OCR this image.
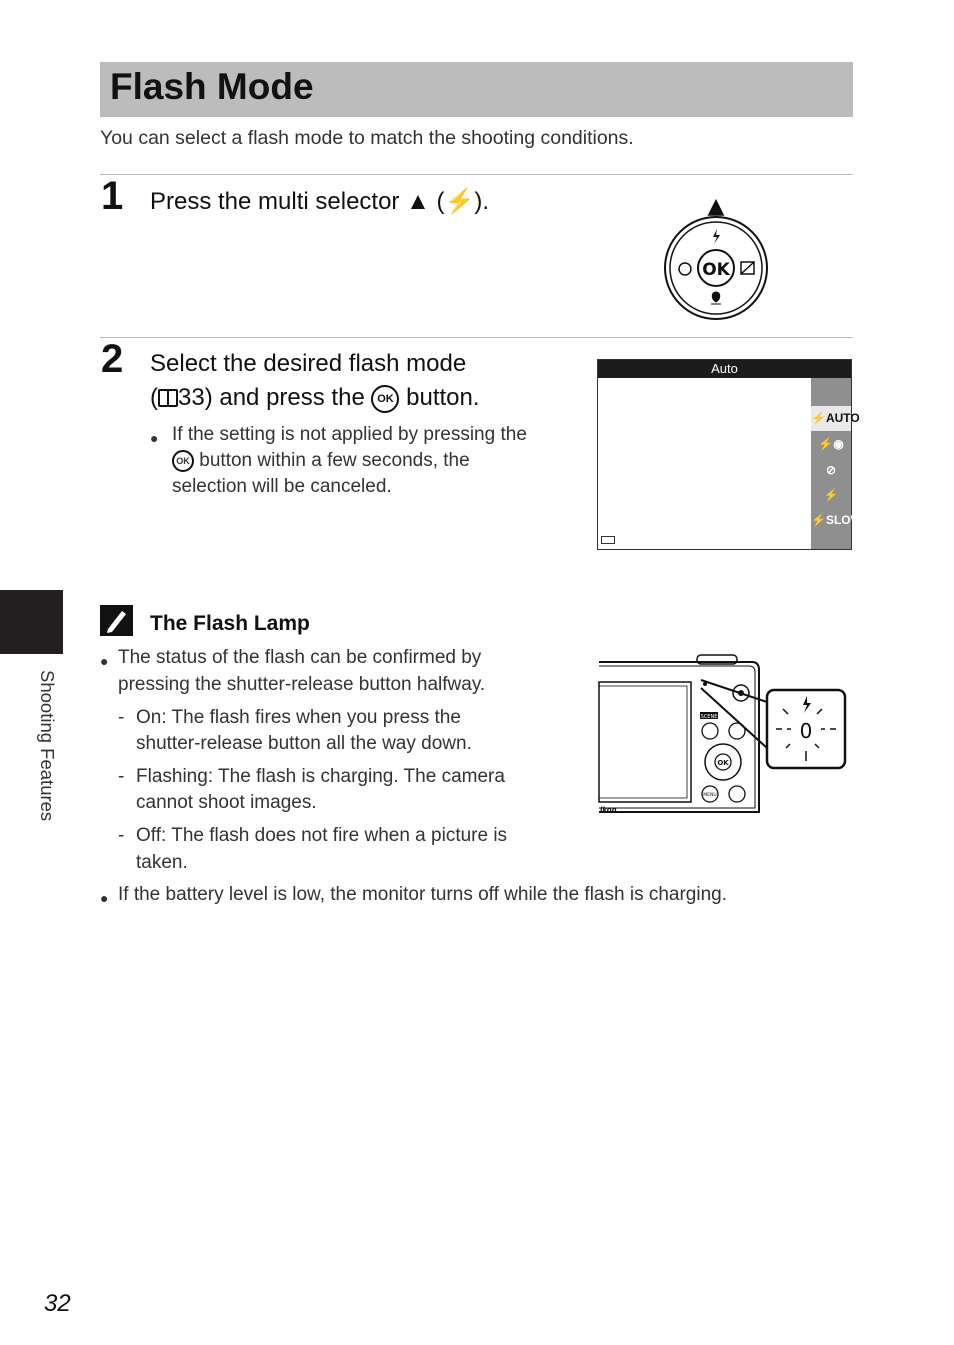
Flash Mode
You can select a flash mode to match the shooting conditions.
1 Press the multi selector ▲ (⚡).	▲
OK
2 Select the desired flash mode
( 33) and press the OK button.
● If the setting is not applied by pressing the
OK button within a few seconds, the
selection will be canceled.
Auto
⚡AUTO
⚡◉
⊘
⚡
⚡SLOW
Shooting Features
The Flash Lamp
● The status of the flash can be confirmed by
pressing the shutter-release button halfway.
- On: The flash fires when you press the
shutter-release button all the way down.
- Flashing: The flash is charging. The camera
cannot shoot images.
- Off: The flash does not fire when a picture is
taken.
● If the battery level is low, the monitor turns off while the flash is charging.
SCENE
OK
MENU
ikon
0
32
